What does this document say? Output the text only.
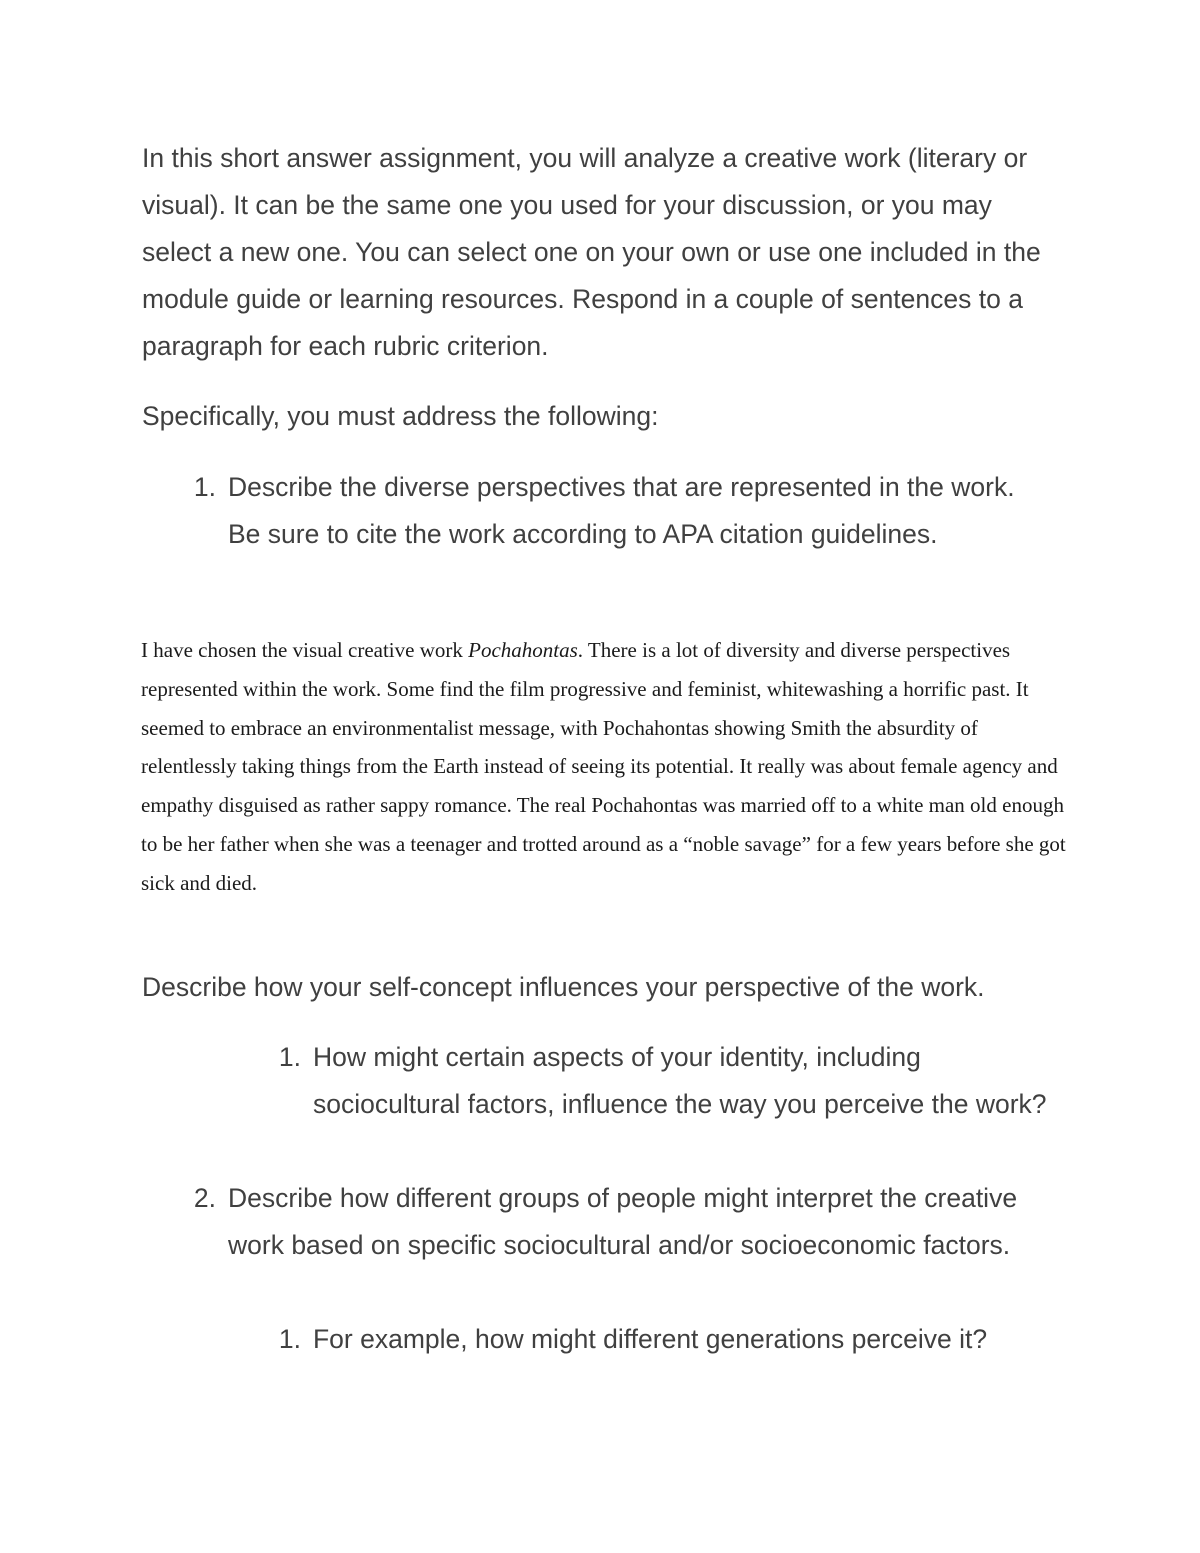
In this short answer assignment, you will analyze a creative work (literary or visual). It can be the same one you used for your discussion, or you may select a new one. You can select one on your own or use one included in the module guide or learning resources. Respond in a couple of sentences to a paragraph for each rubric criterion.

Specifically, you must address the following:

1. Describe the diverse perspectives that are represented in the work. Be sure to cite the work according to APA citation guidelines.

I have chosen the visual creative work Pochahontas. There is a lot of diversity and diverse perspectives represented within the work. Some find the film progressive and feminist, whitewashing a horrific past. It seemed to embrace an environmentalist message, with Pochahontas showing Smith the absurdity of relentlessly taking things from the Earth instead of seeing its potential. It really was about female agency and empathy disguised as rather sappy romance. The real Pochahontas was married off to a white man old enough to be her father when she was a teenager and trotted around as a “noble savage” for a few years before she got sick and died.

Describe how your self-concept influences your perspective of the work.

1. How might certain aspects of your identity, including sociocultural factors, influence the way you perceive the work?

2. Describe how different groups of people might interpret the creative work based on specific sociocultural and/or socioeconomic factors.

1. For example, how might different generations perceive it?
